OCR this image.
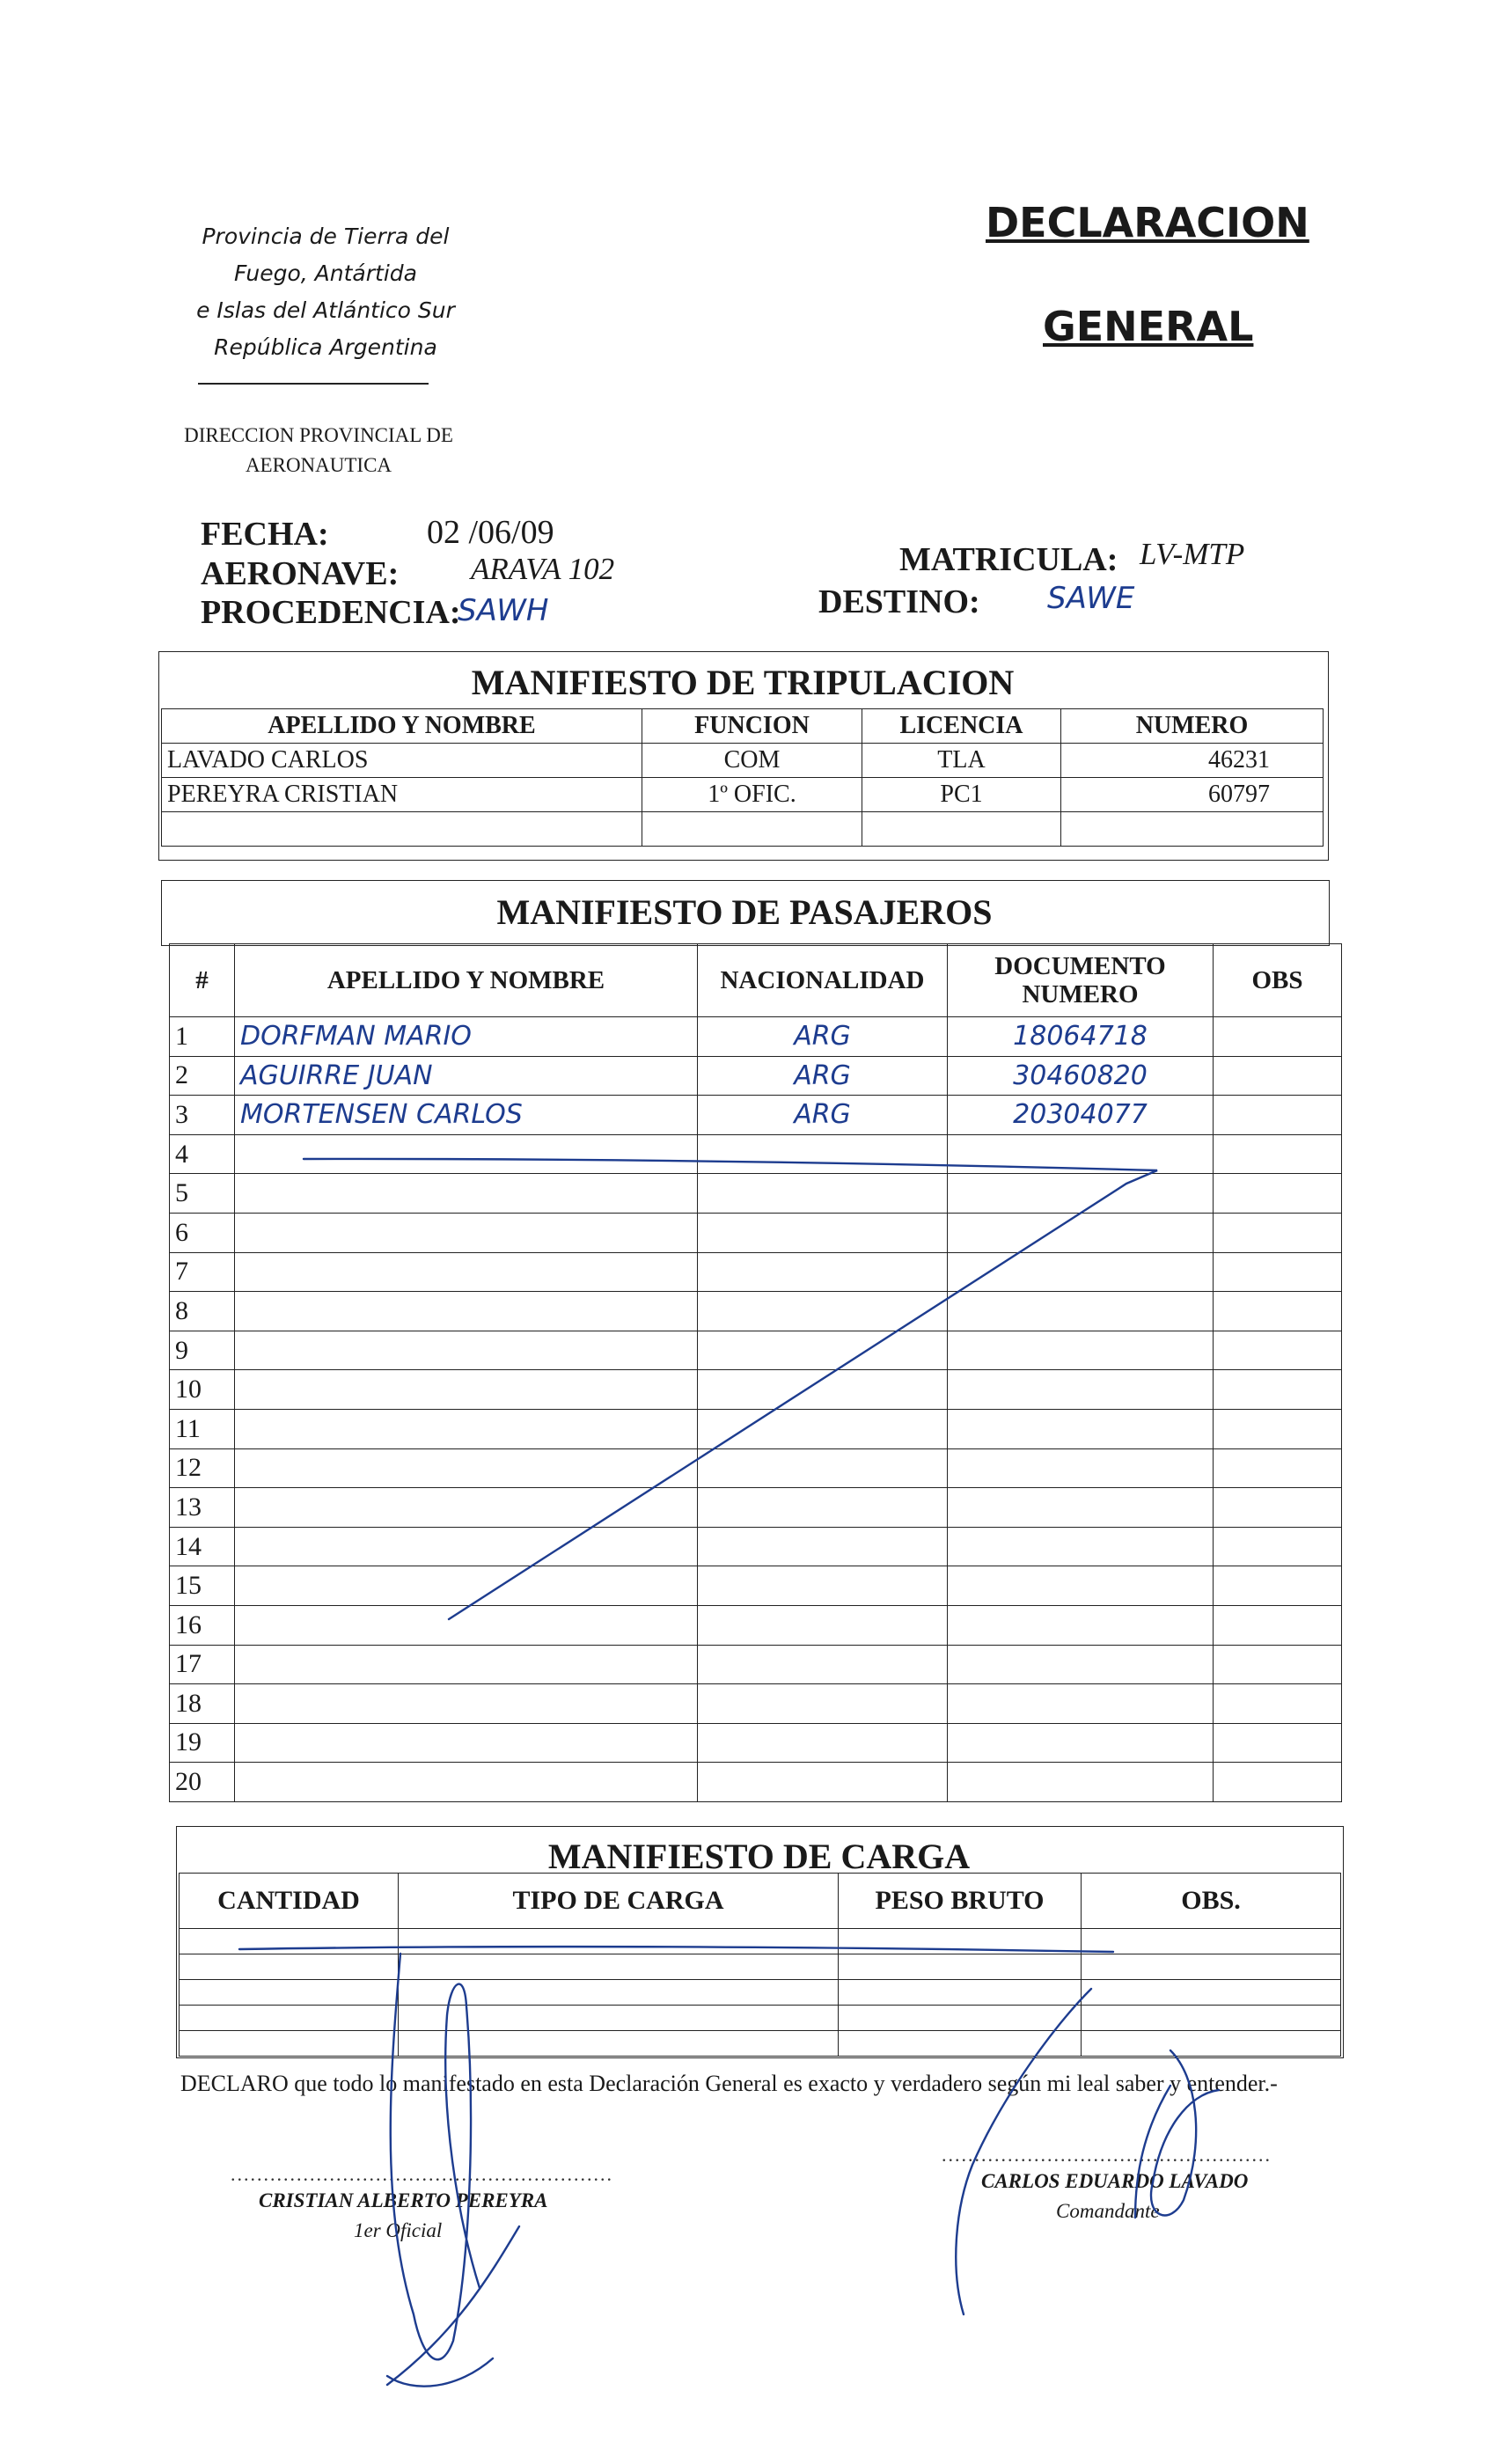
Provincia de Tierra del
Fuego, Antártida
e Islas del Atlántico Sur
República Argentina
DIRECCION PROVINCIAL DE
AERONAUTICA
DECLARACION
GENERAL
FECHA:	02 /06/09
AERONAVE: ARAVA 102
PROCEDENCIA:
SAWH
MATRICULA: LV-MTP
DESTINO: SAWE
MANIFIESTO DE TRIPULACION
APELLIDO Y NOMBRE	FUNCION	LICENCIA	NUMERO
LAVADO CARLOS	COM	TLA	46231
PEREYRA CRISTIAN	1º OFIC.	PC1	60797

MANIFIESTO DE PASAJEROS
#	APELLIDO Y NOMBRE	NACIONALIDAD	DOCUMENTO NUMERO	OBS
1	DORFMAN MARIO	ARG	18064718	
2	AGUIRRE JUAN	ARG	30460820	
3	MORTENSEN CARLOS	ARG	20304077	
4				
5				
6				
7				
8				
9				
10				
11				
12				
13				
14				
15				
16				
17				
18				
19				
20				
MANIFIESTO DE CARGA
CANTIDAD	TIPO DE CARGA	PESO BRUTO	OBS.

DECLARO que todo lo manifestado en esta Declaración General es exacto y verdadero según mi leal saber y entender.-
..........................................................
CRISTIAN ALBERTO PEREYRA
1er Oficial
..................................................
CARLOS EDUARDO LAVADO
Comandante
